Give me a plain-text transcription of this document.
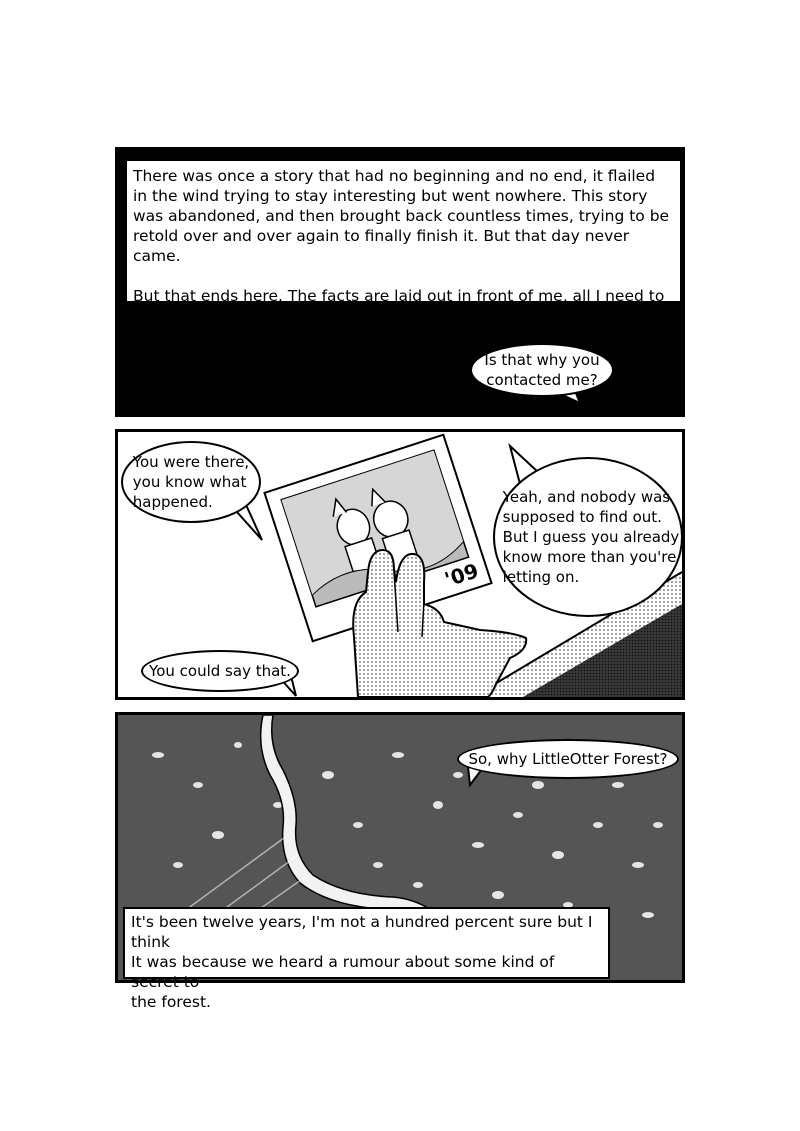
There was once a story that had no beginning and no end, it flailed in the wind trying to stay interesting but went nowhere. This story was abandoned, and then brought back countless times, trying to be retold over and over again to finally finish it. But that day never came.

But that ends here. The facts are laid out in front of me, all I need to do is connect them.

Is that why you
contacted me?
'09
You were there,
you know what
happened.	Yeah, and nobody was
supposed to find out.
But I guess you already
know more than you're
letting on.
You could say that.
So, why LittleOtter Forest?
It's been twelve years, I'm not a hundred percent sure but I think
It was because we heard a rumour about some kind of secret to
the forest.
